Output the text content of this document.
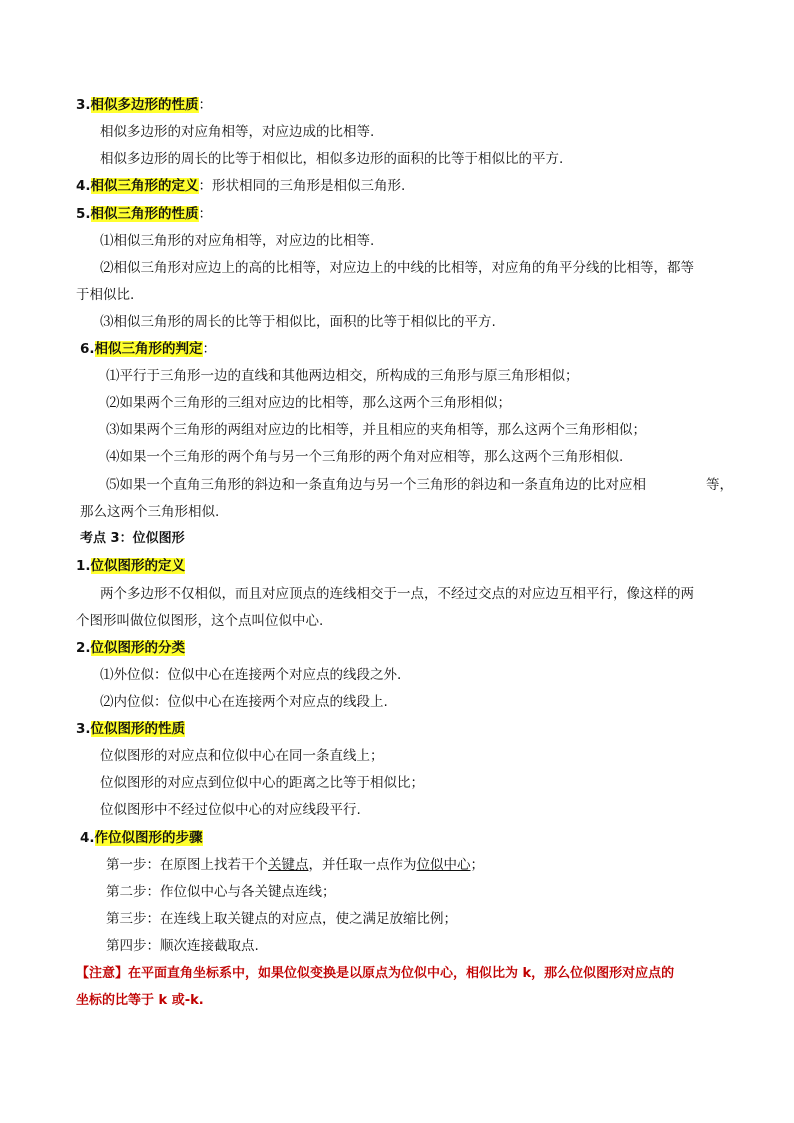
3.相似多边形的性质：
相似多边形的对应角相等，对应边成的比相等.
相似多边形的周长的比等于相似比，相似多边形的面积的比等于相似比的平方.
4.相似三角形的定义：形状相同的三角形是相似三角形.
5.相似三角形的性质：
⑴相似三角形的对应角相等，对应边的比相等.
⑵相似三角形对应边上的高的比相等，对应边上的中线的比相等，对应角的角平分线的比相等，都等
于相似比.
⑶相似三角形的周长的比等于相似比，面积的比等于相似比的平方.
6.相似三角形的判定：
⑴平行于三角形一边的直线和其他两边相交，所构成的三角形与原三角形相似；
⑵如果两个三角形的三组对应边的比相等，那么这两个三角形相似；
⑶如果两个三角形的两组对应边的比相等，并且相应的夹角相等，那么这两个三角形相似；
⑷如果一个三角形的两个角与另一个三角形的两个角对应相等，那么这两个三角形相似.
⑸如果一个直角三角形的斜边和一条直角边与另一个三角形的斜边和一条直角边的比对应相	等，
那么这两个三角形相似.
考点 3：位似图形
1.位似图形的定义
两个多边形不仅相似，而且对应顶点的连线相交于一点，不经过交点的对应边互相平行，像这样的两
个图形叫做位似图形，这个点叫位似中心.
2.位似图形的分类
⑴外位似：位似中心在连接两个对应点的线段之外.
⑵内位似：位似中心在连接两个对应点的线段上.
3.位似图形的性质
位似图形的对应点和位似中心在同一条直线上；
位似图形的对应点到位似中心的距离之比等于相似比；
位似图形中不经过位似中心的对应线段平行.
4.作位似图形的步骤
第一步：在原图上找若干个关键点，并任取一点作为位似中心；
第二步：作位似中心与各关键点连线；
第三步：在连线上取关键点的对应点，使之满足放缩比例；
第四步：顺次连接截取点.
【注意】在平面直角坐标系中，如果位似变换是以原点为位似中心，相似比为 k，那么位似图形对应点的
坐标的比等于 k 或-k.
